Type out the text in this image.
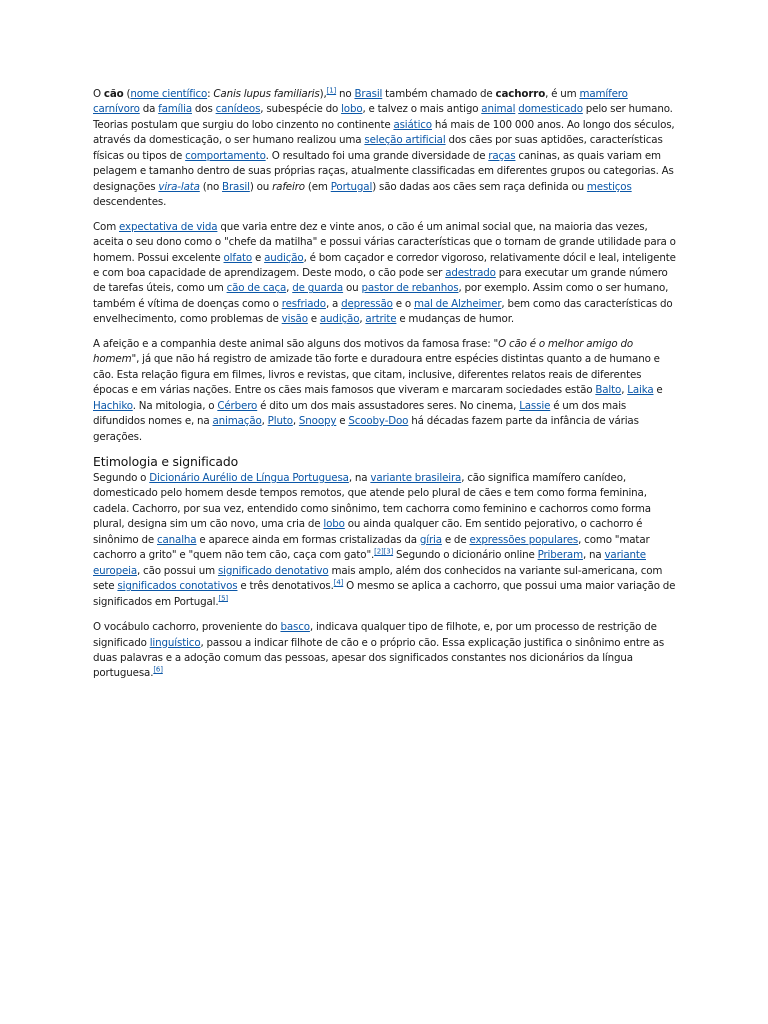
O cão (nome científico: Canis lupus familiaris),[1] no Brasil também chamado de cachorro, é um mamífero carnívoro da família dos canídeos, subespécie do lobo, e talvez o mais antigo animal domesticado pelo ser humano. Teorias postulam que surgiu do lobo cinzento no continente asiático há mais de 100 000 anos. Ao longo dos séculos, através da domesticação, o ser humano realizou uma seleção artificial dos cães por suas aptidões, características físicas ou tipos de comportamento. O resultado foi uma grande diversidade de raças caninas, as quais variam em pelagem e tamanho dentro de suas próprias raças, atualmente classificadas em diferentes grupos ou categorias. As designações vira-lata (no Brasil) ou rafeiro (em Portugal) são dadas aos cães sem raça definida ou mestiços descendentes.

Com expectativa de vida que varia entre dez e vinte anos, o cão é um animal social que, na maioria das vezes, aceita o seu dono como o "chefe da matilha" e possui várias características que o tornam de grande utilidade para o homem. Possui excelente olfato e audição, é bom caçador e corredor vigoroso, relativamente dócil e leal, inteligente e com boa capacidade de aprendizagem. Deste modo, o cão pode ser adestrado para executar um grande número de tarefas úteis, como um cão de caça, de guarda ou pastor de rebanhos, por exemplo. Assim como o ser humano, também é vítima de doenças como o resfriado, a depressão e o mal de Alzheimer, bem como das características do envelhecimento, como problemas de visão e audição, artrite e mudanças de humor.

A afeição e a companhia deste animal são alguns dos motivos da famosa frase: "O cão é o melhor amigo do homem", já que não há registro de amizade tão forte e duradoura entre espécies distintas quanto a de humano e cão. Esta relação figura em filmes, livros e revistas, que citam, inclusive, diferentes relatos reais de diferentes épocas e em várias nações. Entre os cães mais famosos que viveram e marcaram sociedades estão Balto, Laika e Hachiko. Na mitologia, o Cérbero é dito um dos mais assustadores seres. No cinema, Lassie é um dos mais difundidos nomes e, na animação, Pluto, Snoopy e Scooby-Doo há décadas fazem parte da infância de várias gerações.

Etimologia e significado

Segundo o Dicionário Aurélio de Língua Portuguesa, na variante brasileira, cão significa mamífero canídeo, domesticado pelo homem desde tempos remotos, que atende pelo plural de cães e tem como forma feminina, cadela. Cachorro, por sua vez, entendido como sinônimo, tem cachorra como feminino e cachorros como forma plural, designa sim um cão novo, uma cria de lobo ou ainda qualquer cão. Em sentido pejorativo, o cachorro é sinônimo de canalha e aparece ainda em formas cristalizadas da gíria e de expressões populares, como "matar cachorro a grito" e "quem não tem cão, caça com gato".[2][3] Segundo o dicionário online Priberam, na variante europeia, cão possui um significado denotativo mais amplo, além dos conhecidos na variante sul-americana, com sete significados conotativos e três denotativos.[4] O mesmo se aplica a cachorro, que possui uma maior variação de significados em Portugal.[5]

O vocábulo cachorro, proveniente do basco, indicava qualquer tipo de filhote, e, por um processo de restrição de significado linguístico, passou a indicar filhote de cão e o próprio cão. Essa explicação justifica o sinônimo entre as duas palavras e a adoção comum das pessoas, apesar dos significados constantes nos dicionários da língua portuguesa.[6]
